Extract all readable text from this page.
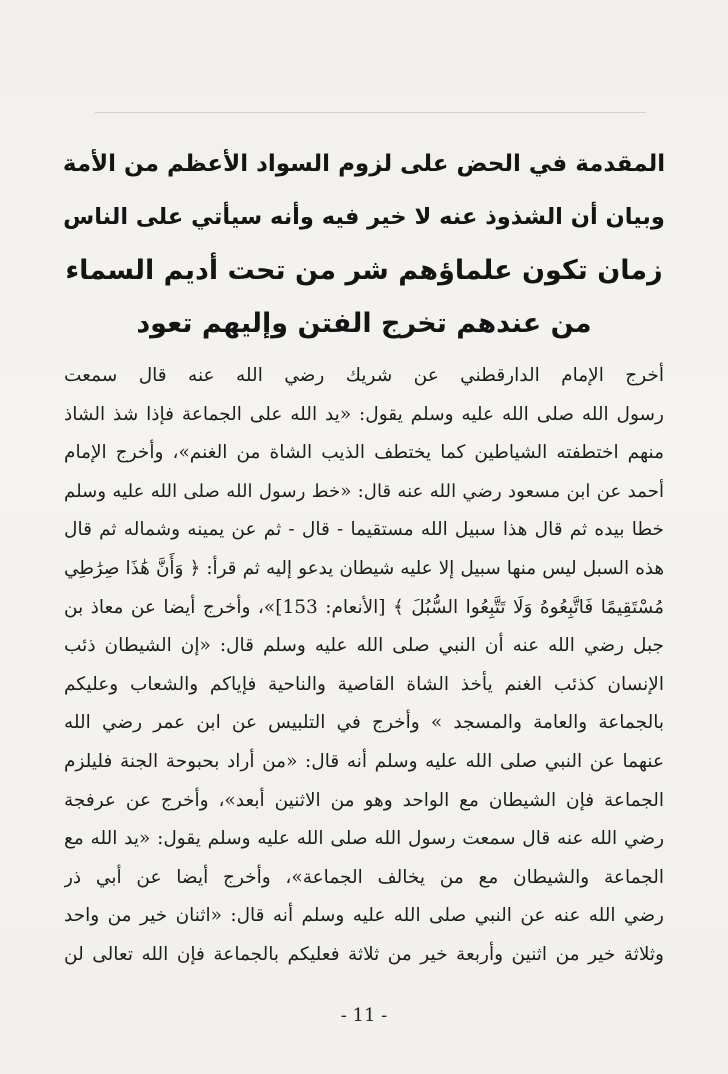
المقدمة في الحض على لزوم السواد الأعظم من الأمة
وبيان أن الشذوذ عنه لا خير فيه وأنه سيأتي على الناس
زمان تكون علماؤهم شر من تحت أديم السماء
من عندهم تخرج الفتن وإليهم تعود
أخرج الإمام الدارقطني عن شريك رضي الله عنه قال سمعت
رسول الله صلى الله عليه وسلم يقول: «يد الله على الجماعة فإذا شذ الشاذ
منهم اختطفته الشياطين كما يختطف الذيب الشاة من الغنم»، وأخرج الإمام
أحمد عن ابن مسعود رضي الله عنه قال: «خط رسول الله صلى الله عليه وسلم
خطا بيده ثم قال هذا سبيل الله مستقيما - قال - ثم عن يمينه وشماله ثم قال
هذه السبل ليس منها سبيل إلا عليه شيطان يدعو إليه ثم قرأ: ﴿ وَأَنَّ هَٰذَا صِرَٰطِي
مُسْتَقِيمًا فَاتَّبِعُوهُ وَلَا تَتَّبِعُوا السُّبُلَ ﴾ [الأنعام: 153]»، وأخرج أيضا عن معاذ بن
جبل رضي الله عنه أن النبي صلى الله عليه وسلم قال: «إن الشيطان ذئب
الإنسان كذئب الغنم يأخذ الشاة القاصية والناحية فإياكم والشعاب وعليكم
بالجماعة والعامة والمسجد » وأخرج في التلبيس عن ابن عمر رضي الله
عنهما عن النبي صلى الله عليه وسلم أنه قال: «من أراد بحبوحة الجنة فليلزم
الجماعة فإن الشيطان مع الواحد وهو من الاثنين أبعد»، وأخرج عن عرفجة
رضي الله عنه قال سمعت رسول الله صلى الله عليه وسلم يقول: «يد الله مع
الجماعة والشيطان مع من يخالف الجماعة»، وأخرج أيضا عن أبي ذر
رضي الله عنه عن النبي صلى الله عليه وسلم أنه قال: «اثنان خير من واحد
وثلاثة خير من اثنين وأربعة خير من ثلاثة فعليكم بالجماعة فإن الله تعالى لن
- 11 -
